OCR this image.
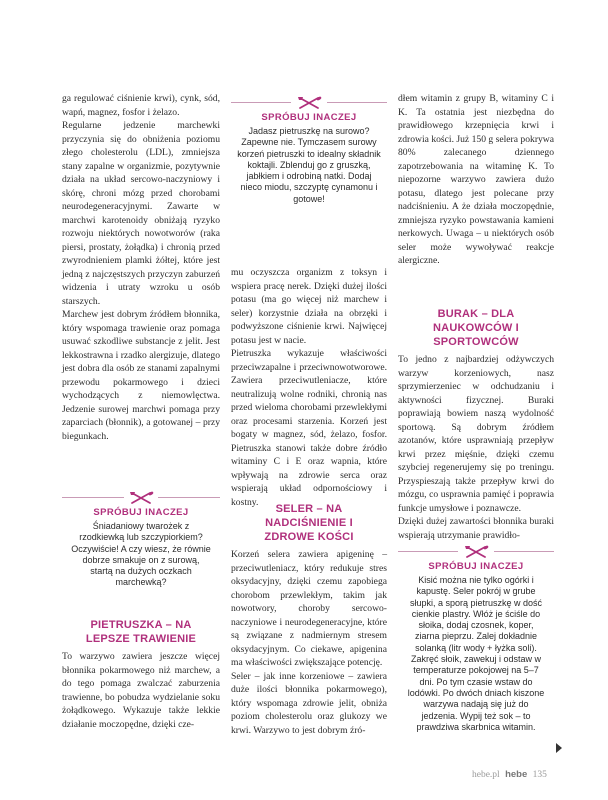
ga regulować ciśnienie krwi), cynk, sód, wapń, magnez, fosfor i żelazo.

Regularne jedzenie marchewki przyczynia się do obniżenia poziomu złego cholesterolu (LDL), zmniejsza stany zapalne w organizmie, pozytywnie działa na układ sercowo-naczyniowy i skórę, chroni mózg przed chorobami neurodegeneracyjnymi. Zawarte w marchwi karotenoidy obniżają ryzyko rozwoju niektórych nowotworów (raka piersi, prostaty, żołądka) i chronią przed zwyrodnieniem plamki żółtej, które jest jedną z najczęstszych przyczyn zaburzeń widzenia i utraty wzroku u osób starszych.

Marchew jest dobrym źródłem błonnika, który wspomaga trawienie oraz pomaga usuwać szkodliwe substancje z jelit. Jest lekkostrawna i rzadko alergizuje, dlatego jest dobra dla osób ze stanami zapalnymi przewodu pokarmowego i dzieci wychodzących z niemowlęctwa. Jedzenie surowej marchwi pomaga przy zaparciach (błonnik), a gotowanej – przy biegunkach.

SPRÓBUJ INACZEJ
Śniadaniowy twarożek z rzodkiewką lub szczypiorkiem? Oczywiście! A czy wiesz, że równie dobrze smakuje on z surową, startą na dużych oczkach marchewką?
PIETRUSZKA – NA LEPSZE TRAWIENIE

To warzywo zawiera jeszcze więcej błonnika pokarmowego niż marchew, a do tego pomaga zwalczać zaburzenia trawienne, bo pobudza wydzielanie soku żołądkowego. Wykazuje także lekkie działanie moczopędne, dzięki cze-

SPRÓBUJ INACZEJ
Jadasz pietruszkę na surowo? Zapewne nie. Tymczasem surowy korzeń pietruszki to idealny składnik koktajli. Zblenduj go z gruszką, jabłkiem i odrobiną natki. Dodaj nieco miodu, szczyptę cynamonu i gotowe!

mu oczyszcza organizm z toksyn i wspiera pracę nerek. Dzięki dużej ilości potasu (ma go więcej niż marchew i seler) korzystnie działa na obrzęki i podwyższone ciśnienie krwi. Najwięcej potasu jest w nacie.

Pietruszka wykazuje właściwości przeciwzapalne i przeciwnowotworowe. Zawiera przeciwutleniacze, które neutralizują wolne rodniki, chronią nas przed wieloma chorobami przewlekłymi oraz procesami starzenia. Korzeń jest bogaty w magnez, sód, żelazo, fosfor. Pietruszka stanowi także dobre źródło witaminy C i E oraz wapnia, które wpływają na zdrowie serca oraz wspierają układ odpornościowy i kostny.

SELER – NA NADCIŚNIENIE I ZDROWE KOŚCI

Korzeń selera zawiera apigeninę – przeciwutleniacz, który redukuje stres oksydacyjny, dzięki czemu zapobiega chorobom przewlekłym, takim jak nowotwory, choroby sercowo-naczyniowe i neurodegeneracyjne, które są związane z nadmiernym stresem oksydacyjnym. Co ciekawe, apigenina ma właściwości zwiększające potencję.

Seler – jak inne korzeniowe – zawiera duże ilości błonnika pokarmowego), który wspomaga zdrowie jelit, obniża poziom cholesterolu oraz glukozy we krwi. Warzywo to jest dobrym źró-

dłem witamin z grupy B, witaminy C i K. Ta ostatnia jest niezbędna do prawidłowego krzepnięcia krwi i zdrowia kości. Już 150 g selera pokrywa 80% zalecanego dziennego zapotrzebowania na witaminę K. To niepozorne warzywo zawiera dużo potasu, dlatego jest polecane przy nadciśnieniu. A że działa moczopędnie, zmniejsza ryzyko powstawania kamieni nerkowych. Uwaga – u niektórych osób seler może wywoływać reakcje alergiczne.

BURAK – DLA NAUKOWCÓW I SPORTOWCÓW

To jedno z najbardziej odżywczych warzyw korzeniowych, nasz sprzymierzeniec w odchudzaniu i aktywności fizycznej. Buraki poprawiają bowiem naszą wydolność sportową. Są dobrym źródłem azotanów, które usprawniają przepływ krwi przez mięśnie, dzięki czemu szybciej regenerujemy się po treningu. Przyspieszają także przepływ krwi do mózgu, co usprawnia pamięć i poprawia funkcje umysłowe i poznawcze.

Dzięki dużej zawartości błonnika buraki wspierają utrzymanie prawidło-

SPRÓBUJ INACZEJ
Kisić można nie tylko ogórki i kapustę. Seler pokrój w grube słupki, a sporą pietruszkę w dość cienkie plastry. Włóż je ściśle do słoika, dodaj czosnek, koper, ziarna pieprzu. Zalej dokładnie solanką (litr wody + łyżka soli). Zakręć słoik, zawekuj i odstaw w temperaturze pokojowej na 5–7 dni. Po tym czasie wstaw do lodówki. Po dwóch dniach kiszone warzywa nadają się już do jedzenia. Wypij też sok – to prawdziwa skarbnica witamin.
hebe.pl hebe 135
